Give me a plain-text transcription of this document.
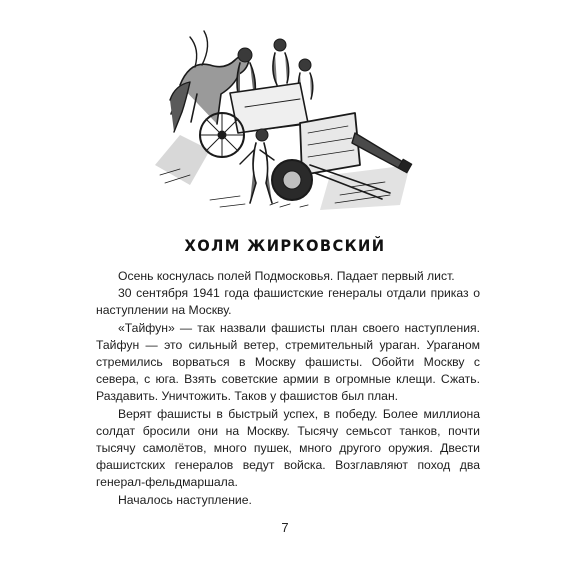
ХОЛМ ЖИРКОВСКИЙ

Осень коснулась полей Подмосковья. Падает первый лист.

30 сентября 1941 года фашистские генералы отдали приказ о наступлении на Москву.

«Тайфун» — так назвали фашисты план своего наступления. Тайфун — это сильный ветер, стремительный ураган. Ураганом стремились ворваться в Москву фашисты. Обойти Москву с севера, с юга. Взять советские армии в огромные клещи. Сжать. Раздавить. Уничтожить. Таков у фашистов был план.

Верят фашисты в быстрый успех, в победу. Более миллиона солдат бросили они на Москву. Тысячу семьсот танков, почти тысячу самолётов, много пушек, много другого оружия. Двести фашистских генералов ведут войска. Возглавляют поход два генерал-фельдмаршала.

Началось наступление.

7
